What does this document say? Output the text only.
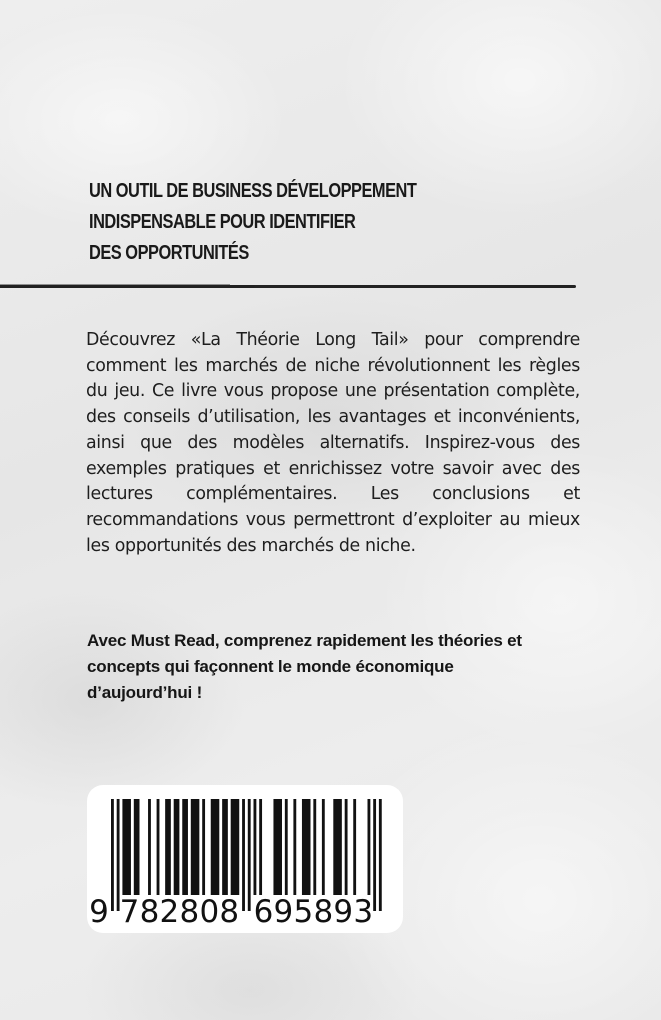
UN OUTIL DE BUSINESS DÉVELOPPEMENT
INDISPENSABLE POUR IDENTIFIER
DES OPPORTUNITÉS

Découvrez «La Théorie Long Tail» pour comprendre comment les marchés de niche révolutionnent les règles du jeu. Ce livre vous propose une présentation complète, des conseils d’utilisation, les avantages et inconvénients, ainsi que des modèles alternatifs. Inspirez-vous des exemples pratiques et enrichissez votre savoir avec des lectures complémentaires. Les conclusions et recommandations vous permettront d’exploiter au mieux les opportunités des marchés de niche.

Avec Must Read, comprenez rapidement les théories et concepts qui façonnent le monde économique d’aujourd’hui !

9 7 8 2 8 0 8 6 9 5 8 9 3
